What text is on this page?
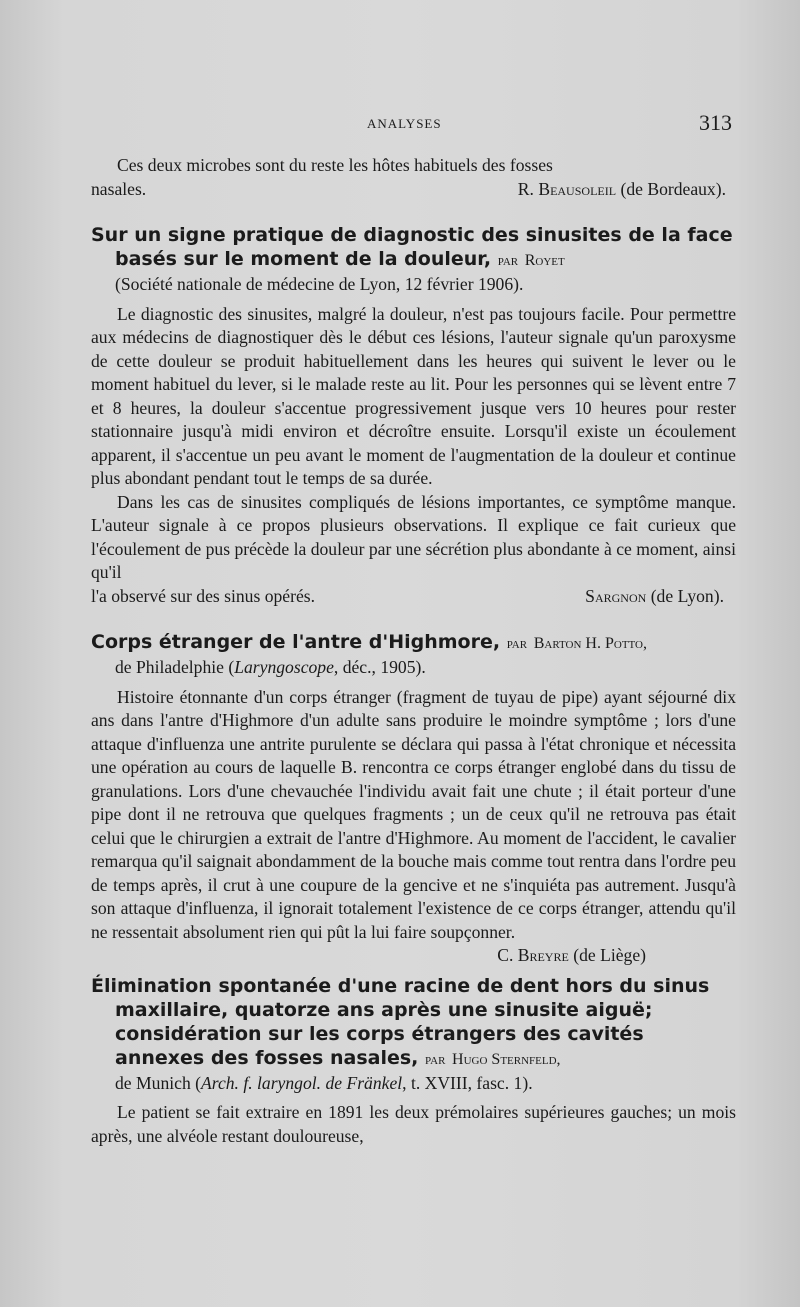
ANALYSES	313

Ces deux microbes sont du reste les hôtes habituels des fosses

nasales.	R. Beausoleil (de Bordeaux).

Sur un signe pratique de diagnostic des sinusites de la face basés sur le moment de la douleur, par Royet

(Société nationale de médecine de Lyon, 12 février 1906).

Le diagnostic des sinusites, malgré la douleur, n'est pas toujours facile. Pour permettre aux médecins de diagnostiquer dès le début ces lésions, l'auteur signale qu'un paroxysme de cette douleur se produit habituellement dans les heures qui suivent le lever ou le moment habituel du lever, si le malade reste au lit. Pour les personnes qui se lèvent entre 7 et 8 heures, la douleur s'accentue progressivement jusque vers 10 heures pour rester stationnaire jusqu'à midi environ et décroître ensuite. Lorsqu'il existe un écoulement apparent, il s'accentue un peu avant le moment de l'augmentation de la douleur et continue plus abondant pendant tout le temps de sa durée.

Dans les cas de sinusites compliqués de lésions importantes, ce symptôme manque. L'auteur signale à ce propos plusieurs observations. Il explique ce fait curieux que l'écoulement de pus précède la douleur par une sécrétion plus abondante à ce moment, ainsi qu'il

l'a observé sur des sinus opérés.	Sargnon (de Lyon).

Corps étranger de l'antre d'Highmore, par Barton H. Potto,

de Philadelphie (Laryngoscope, déc., 1905).

Histoire étonnante d'un corps étranger (fragment de tuyau de pipe) ayant séjourné dix ans dans l'antre d'Highmore d'un adulte sans produire le moindre symptôme ; lors d'une attaque d'influenza une antrite purulente se déclara qui passa à l'état chronique et nécessita une opération au cours de laquelle B. rencontra ce corps étranger englobé dans du tissu de granulations. Lors d'une chevauchée l'individu avait fait une chute ; il était porteur d'une pipe dont il ne retrouva que quelques fragments ; un de ceux qu'il ne retrouva pas était celui que le chirurgien a extrait de l'antre d'Highmore. Au moment de l'accident, le cavalier remarqua qu'il saignait abondamment de la bouche mais comme tout rentra dans l'ordre peu de temps après, il crut à une coupure de la gencive et ne s'inquiéta pas autrement. Jusqu'à son attaque d'influenza, il ignorait totalement l'existence de ce corps étranger, attendu qu'il ne ressentait absolument rien qui pût la lui faire soupçonner.

C. Breyre (de Liège)

Élimination spontanée d'une racine de dent hors du sinus maxillaire, quatorze ans après une sinusite aiguë; considération sur les corps étrangers des cavités annexes des fosses nasales, par Hugo Sternfeld,

de Munich (Arch. f. laryngol. de Fränkel, t. XVIII, fasc. 1).

Le patient se fait extraire en 1891 les deux prémolaires supérieures gauches; un mois après, une alvéole restant douloureuse,
